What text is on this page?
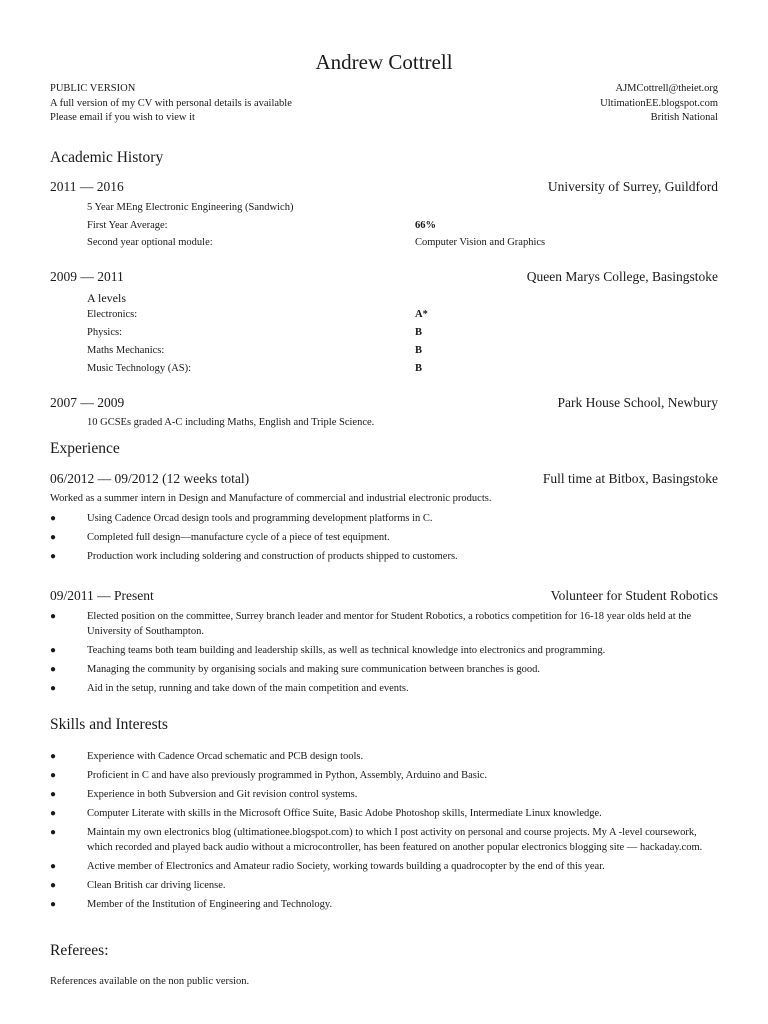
Andrew Cottrell
PUBLIC VERSION
A full version of my CV with personal details is available
Please email if you wish to view it
AJMCottrell@theiet.org
UltimationEE.blogspot.com
British National
Academic History
2011 — 2016	University of Surrey, Guildford
5 Year MEng Electronic Engineering (Sandwich)
First Year Average:	66%
Second year optional module:	Computer Vision and Graphics
2009 — 2011	Queen Marys College, Basingstoke
A levels
Electronics:	A*
Physics:	B
Maths Mechanics:	B
Music Technology (AS):	B
2007 — 2009	Park House School, Newbury
10 GCSEs graded A-C including Maths, English and Triple Science.
Experience
06/2012 — 09/2012 (12 weeks total)	Full time at Bitbox, Basingstoke
Worked as a summer intern in Design and Manufacture of commercial and industrial electronic products.
●	Using Cadence Orcad design tools and programming development platforms in C.
●	Completed full design—manufacture cycle of a piece of test equipment.
●	Production work including soldering and construction of products shipped to customers.
09/2011 — Present	Volunteer for Student Robotics
●	Elected position on the committee, Surrey branch leader and mentor for Student Robotics, a robotics competition for 16-18 year olds held at the University of Southampton.
●	Teaching teams both team building and leadership skills, as well as technical knowledge into electronics and programming.
●	Managing the community by organising socials and making sure communication between branches is good.
●	Aid in the setup, running and take down of the main competition and events.
Skills and Interests
●	Experience with Cadence Orcad schematic and PCB design tools.
●	Proficient in C and have also previously programmed in Python, Assembly, Arduino and Basic.
●	Experience in both Subversion and Git revision control systems.
●	Computer Literate with skills in the Microsoft Office Suite, Basic Adobe Photoshop skills, Intermediate Linux knowledge.
●	Maintain my own electronics blog (ultimationee.blogspot.com) to which I post activity on personal and course projects. My A -level coursework, which recorded and played back audio without a microcontroller, has been featured on another popular electronics blogging site — hackaday.com.
●	Active member of Electronics and Amateur radio Society, working towards building a quadrocopter by the end of this year.
●	Clean British car driving license.
●	Member of the Institution of Engineering and Technology.
Referees:
References available on the non public version.
